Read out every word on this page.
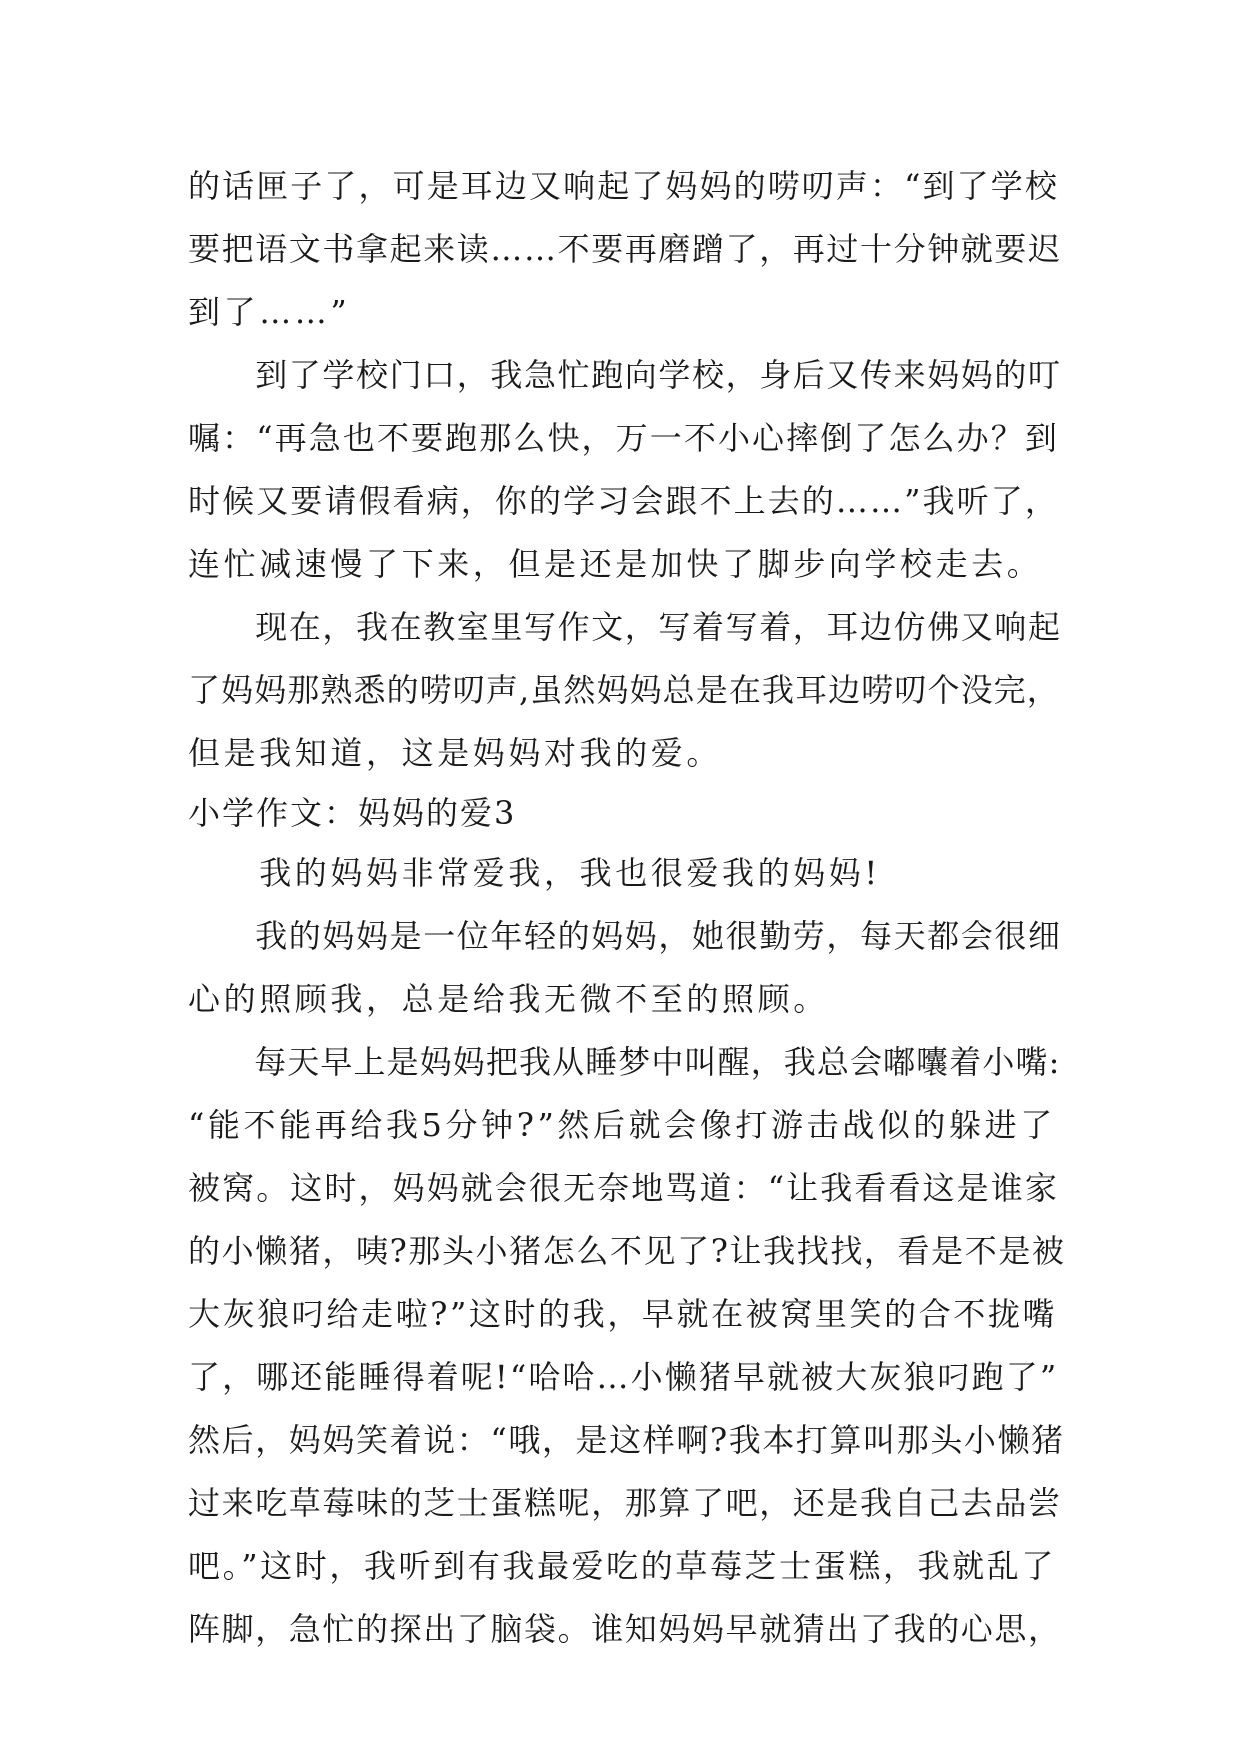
的话匣子了，可是耳边又响起了妈妈的唠叨声：“到了学校
要把语文书拿起来读……不要再磨蹭了，再过十分钟就要迟
到了……”
　　到了学校门口，我急忙跑向学校，身后又传来妈妈的叮
嘱：“再急也不要跑那么快，万一不小心摔倒了怎么办？到
时候又要请假看病，你的学习会跟不上去的……”我听了，
连忙减速慢了下来，但是还是加快了脚步向学校走去。
　　现在，我在教室里写作文，写着写着，耳边仿佛又响起
了妈妈那熟悉的唠叨声,虽然妈妈总是在我耳边唠叨个没完，
但是我知道，这是妈妈对我的爱。
小学作文：妈妈的爱3
　　我的妈妈非常爱我，我也很爱我的妈妈!
　　我的妈妈是一位年轻的妈妈，她很勤劳，每天都会很细
心的照顾我，总是给我无微不至的照顾。
　　每天早上是妈妈把我从睡梦中叫醒，我总会嘟囔着小嘴:
“能不能再给我5分钟?”然后就会像打游击战似的躲进了
被窝。这时，妈妈就会很无奈地骂道：“让我看看这是谁家
的小懒猪，咦?那头小猪怎么不见了?让我找找，看是不是被
大灰狼叼给走啦?”这时的我，早就在被窝里笑的合不拢嘴
了，哪还能睡得着呢!“哈哈…小懒猪早就被大灰狼叼跑了”
然后，妈妈笑着说：“哦，是这样啊?我本打算叫那头小懒猪
过来吃草莓味的芝士蛋糕呢，那算了吧，还是我自己去品尝
吧。”这时，我听到有我最爱吃的草莓芝士蛋糕，我就乱了
阵脚，急忙的探出了脑袋。谁知妈妈早就猜出了我的心思，
